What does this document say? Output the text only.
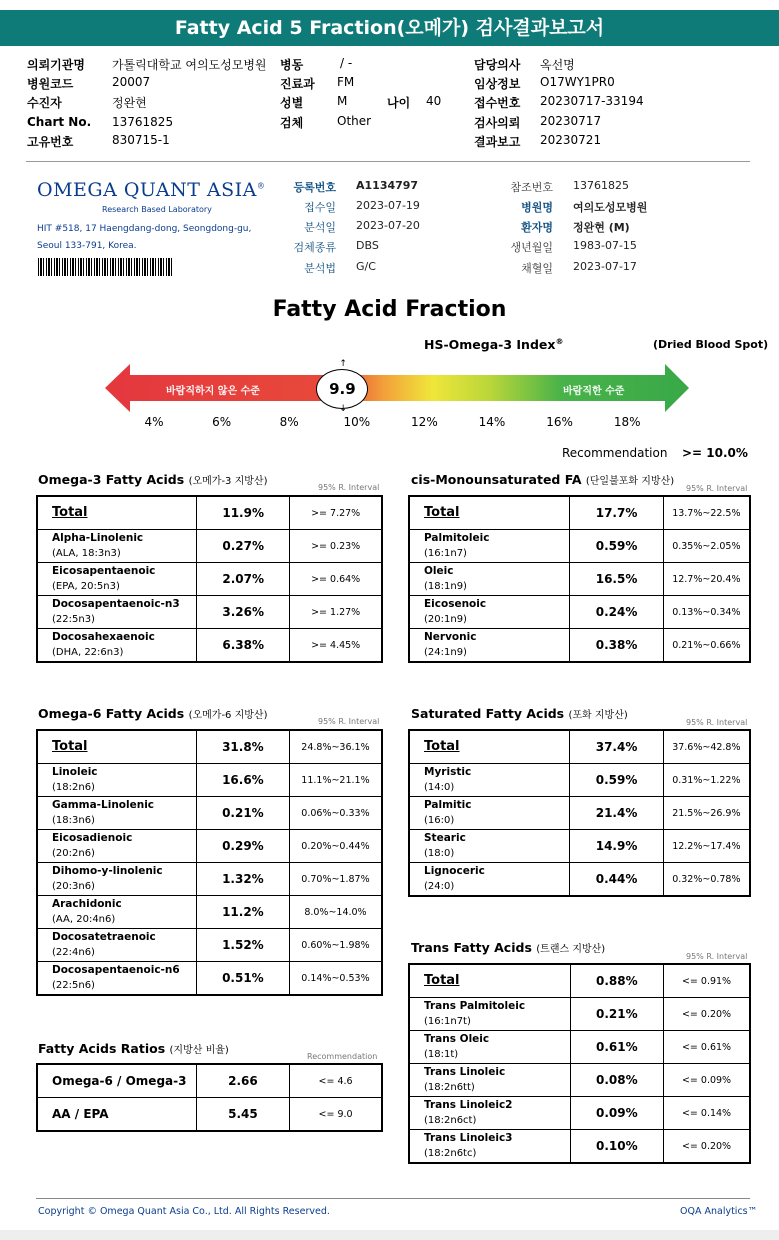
Fatty Acid 5 Fraction(오메가) 검사결과보고서
의뢰기관명 가톨릭대학교 여의도성모병원
병원코드	20007
수진자	정완현
Chart No. 13761825
고유번호	830715-1
병동	/ -
진료과 FM
성별	M
검체	Other
나이 40
담당의사 옥선명
임상정보 O17WY1PR0
접수번호 20230717-33194
검사의뢰 20230717
결과보고 20230721
OMEGA QUANT ASIA®
Research Based Laboratory
HIT #518, 17 Haengdang-dong, Seongdong-gu,
Seoul 133-791, Korea.
등록번호 A1134797
접수일 2023-07-19
분석일 2023-07-20
검체종류 DBS
분석법 G/C
참조번호 13761825
병원명 여의도성모병원
환자명 정완현 (M)
생년월일 1983-07-15
채혈일 2023-07-17
Fatty Acid Fraction
HS-Omega-3 Index®	(Dried Blood Spot)
바람직하지 않은 수준	바람직한 수준
9.9
↑
↓
4%	6%	8%	10%	12%	14%	16%	18%
Recommendation >= 10.0%
Omega-3 Fatty Acids (오메가-3 지방산)
95% R. Interval
cis-Monounsaturated FA (단일불포화 지방산)
95% R. Interval
Omega-6 Fatty Acids (오메가-6 지방산)
95% R. Interval
Saturated Fatty Acids (포화 지방산)
95% R. Interval
Trans Fatty Acids (트랜스 지방산)
95% R. Interval
Fatty Acids Ratios (지방산 비율)
Recommendation
Total	11.9%	>= 7.27%

Alpha-Linolenic
(ALA, 18:3n3)	0.27%	>= 0.23%

Eicosapentaenoic
(EPA, 20:5n3)	2.07%	>= 0.64%

Docosapentaenoic-n3
(22:5n3)	3.26%	>= 1.27%

Docosahexaenoic
(DHA, 22:6n3)	6.38%	>= 4.45%
Total	17.7%	13.7%~22.5%

Palmitoleic
(16:1n7)	0.59%	0.35%~2.05%

Oleic
(18:1n9)	16.5%	12.7%~20.4%

Eicosenoic
(20:1n9)	0.24%	0.13%~0.34%

Nervonic
(24:1n9)	0.38%	0.21%~0.66%
Total	31.8%	24.8%~36.1%

Linoleic
(18:2n6)	16.6%	11.1%~21.1%

Gamma-Linolenic
(18:3n6)	0.21%	0.06%~0.33%

Eicosadienoic
(20:2n6)	0.29%	0.20%~0.44%

Dihomo-y-linolenic
(20:3n6)	1.32%	0.70%~1.87%

Arachidonic
(AA, 20:4n6)	11.2%	8.0%~14.0%

Docosatetraenoic
(22:4n6)	1.52%	0.60%~1.98%

Docosapentaenoic-n6
(22:5n6)	0.51%	0.14%~0.53%
Total	37.4%	37.6%~42.8%

Myristic
(14:0)	0.59%	0.31%~1.22%

Palmitic
(16:0)	21.4%	21.5%~26.9%

Stearic
(18:0)	14.9%	12.2%~17.4%

Lignoceric
(24:0)	0.44%	0.32%~0.78%
Total	0.88%	<= 0.91%

Trans Palmitoleic
(16:1n7t)	0.21%	<= 0.20%

Trans Oleic
(18:1t)	0.61%	<= 0.61%

Trans Linoleic
(18:2n6tt)	0.08%	<= 0.09%

Trans Linoleic2
(18:2n6ct)	0.09%	<= 0.14%

Trans Linoleic3
(18:2n6tc)	0.10%	<= 0.20%
Omega-6 / Omega-3	2.66	<= 4.6
AA / EPA	5.45	<= 9.0
Copyright © Omega Quant Asia Co., Ltd. All Rights Reserved.	OQA Analytics™
